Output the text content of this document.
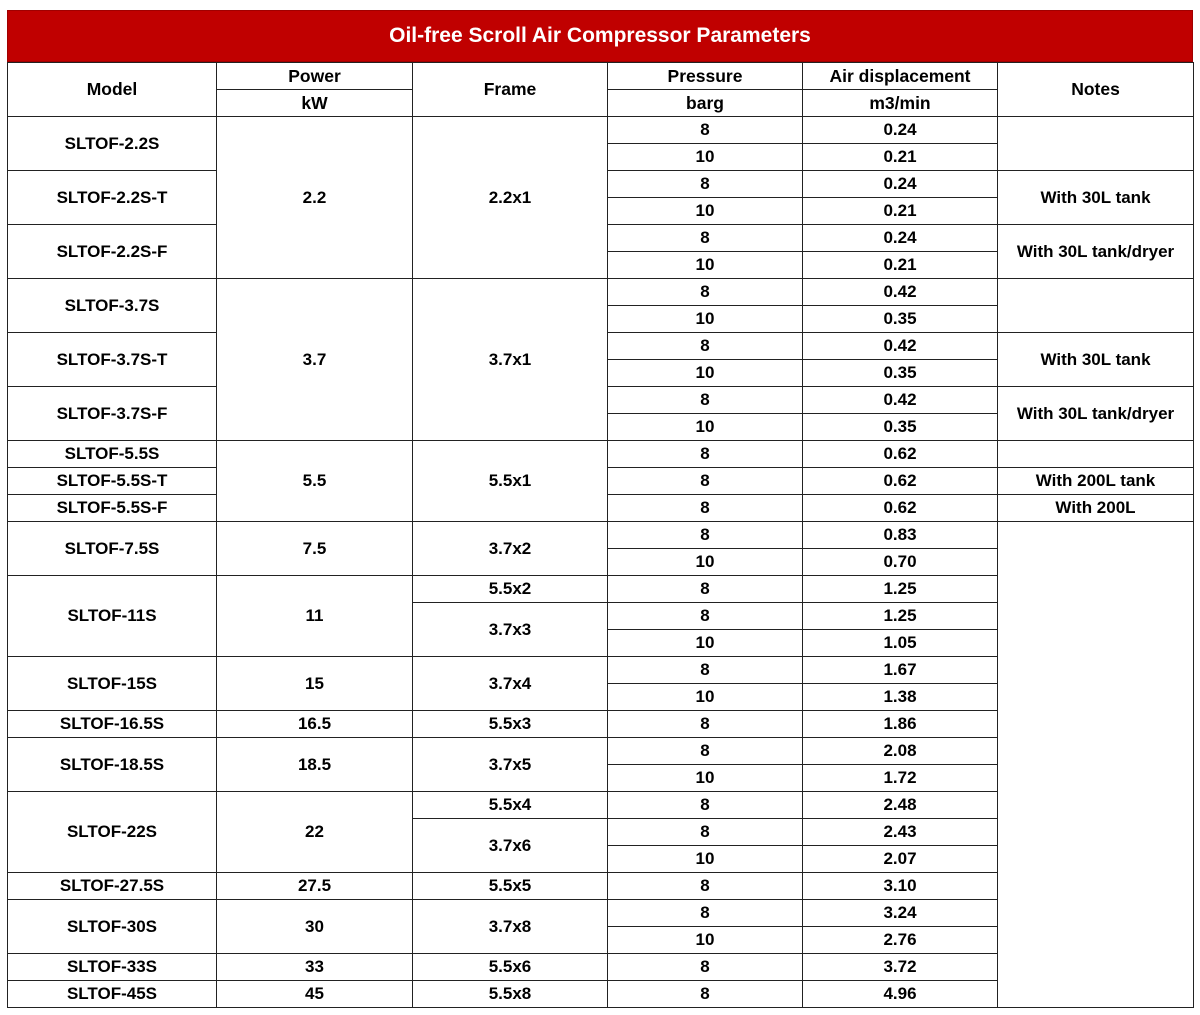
Oil-free Scroll Air Compressor Parameters
Model	Power	Frame	Pressure	Air displacement	Notes
	kW		barg	m3/min	
SLTOF-2.2S	2.2	2.2x1	8	0.24	
			10	0.21	
SLTOF-2.2S-T			8	0.24	With 30L tank
			10	0.21	
SLTOF-2.2S-F			8	0.24	With 30L tank/dryer
			10	0.21	
SLTOF-3.7S	3.7	3.7x1	8	0.42	
			10	0.35	
SLTOF-3.7S-T			8	0.42	With 30L tank
			10	0.35	
SLTOF-3.7S-F			8	0.42	With 30L tank/dryer
			10	0.35	
SLTOF-5.5S	5.5	5.5x1	8	0.62	
SLTOF-5.5S-T			8	0.62	With 200L tank
SLTOF-5.5S-F			8	0.62	With 200L
SLTOF-7.5S	7.5	3.7x2	8	0.83	
			10	0.70	
SLTOF-11S	11	5.5x2	8	1.25	
		3.7x3	8	1.25	
			10	1.05	
SLTOF-15S	15	3.7x4	8	1.67	
			10	1.38	
SLTOF-16.5S	16.5	5.5x3	8	1.86	
SLTOF-18.5S	18.5	3.7x5	8	2.08	
			10	1.72	
SLTOF-22S	22	5.5x4	8	2.48	
		3.7x6	8	2.43	
			10	2.07	
SLTOF-27.5S	27.5	5.5x5	8	3.10	
SLTOF-30S	30	3.7x8	8	3.24	
			10	2.76	
SLTOF-33S	33	5.5x6	8	3.72	
SLTOF-45S	45	5.5x8	8	4.96	
